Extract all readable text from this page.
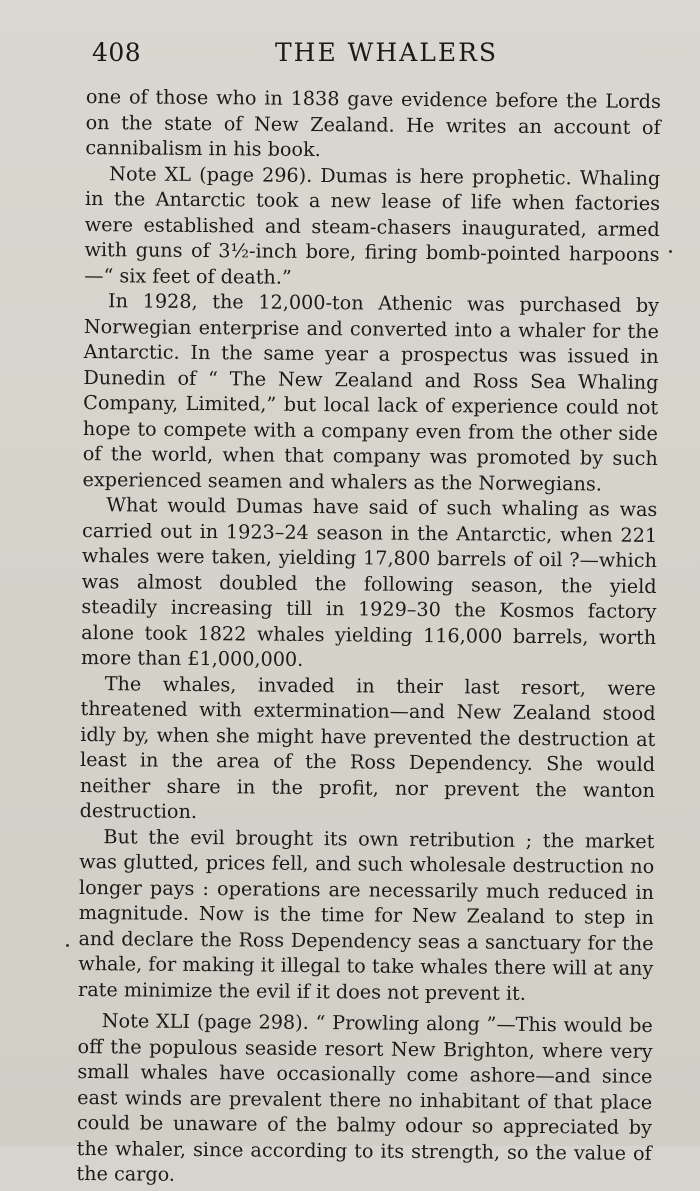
408	THE WHALERS

one of those who in 1838 gave evidence before the Lords on the state of New Zealand. He writes an account of cannibalism in his book.

Note XL (page 296). Dumas is here prophetic. Whaling in the Antarctic took a new lease of life when factories were established and steam-chasers inaugurated, armed with guns of 3½-inch bore, firing bomb-pointed harpoons—“ six feet of death.”

In 1928, the 12,000-ton Athenic was purchased by Norwegian enterprise and converted into a whaler for the Antarctic. In the same year a prospectus was issued in Dunedin of “ The New Zealand and Ross Sea Whaling Company, Limited,” but local lack of experience could not hope to compete with a company even from the other side of the world, when that company was promoted by such experienced seamen and whalers as the Norwegians.

What would Dumas have said of such whaling as was carried out in 1923–24 season in the Antarctic, when 221 whales were taken, yielding 17,800 barrels of oil ?—which was almost doubled the following season, the yield steadily increasing till in 1929–30 the Kosmos factory alone took 1822 whales yielding 116,000 barrels, worth more than £1,000,000.

The whales, invaded in their last resort, were threatened with extermination—and New Zealand stood idly by, when she might have prevented the destruction at least in the area of the Ross Dependency. She would neither share in the profit, nor prevent the wanton destruction.

But the evil brought its own retribution ; the market was glutted, prices fell, and such wholesale destruction no longer pays : operations are necessarily much reduced in magnitude. Now is the time for New Zealand to step in and declare the Ross Dependency seas a sanctuary for the whale, for making it illegal to take whales there will at any rate minimize the evil if it does not prevent it.

Note XLI (page 298). “ Prowling along ”—This would be off the populous seaside resort New Brighton, where very small whales have occasionally come ashore—and since east winds are prevalent there no inhabitant of that place could be unaware of the balmy odour so appreciated by the whaler, since according to its strength, so the value of the cargo.
